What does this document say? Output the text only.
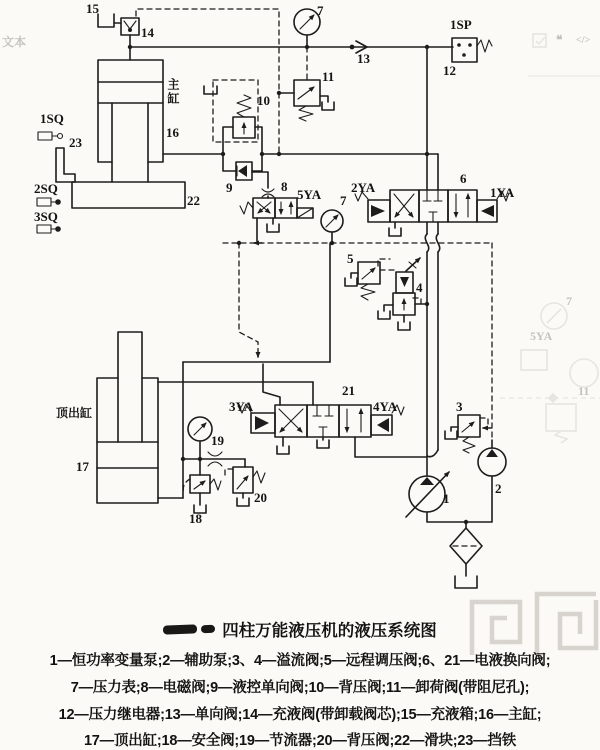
15
14
7
13
1SP
12
11
10
主缸
16
1SQ
23
2SQ
3SQ
22
9	8
5YA 7
2YA
6
1YA
5
4
顶出缸
17
19
3YA
21
4YA
18
20
3
1
2
7
5YA
11
文本	❝ </>
四柱万能液压机的液压系统图
1—恒功率变量泵;2—辅助泵;3、4—溢流阀;5—远程调压阀;6、21—电液换向阀;
7—压力表;8—电磁阀;9—液控单向阀;10—背压阀;11—卸荷阀(带阻尼孔);
12—压力继电器;13—单向阀;14—充液阀(带卸载阀芯);15—充液箱;16—主缸;
17—顶出缸;18—安全阀;19—节流器;20—背压阀;22—滑块;23—挡铁
